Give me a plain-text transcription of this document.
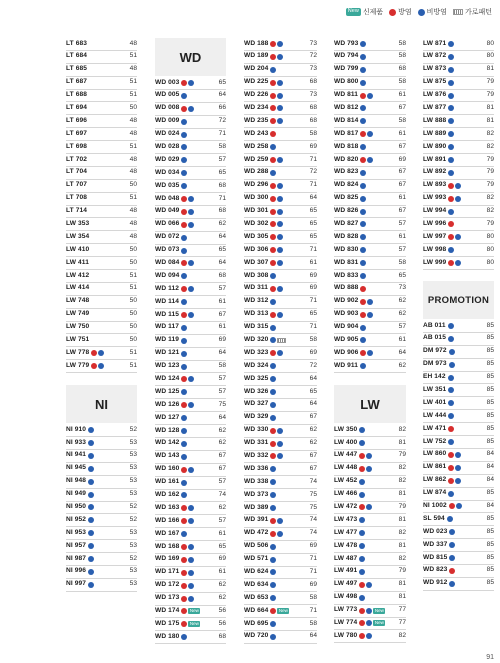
New 신제품 방염 비방염	가로패턴
LT 683	48
LT 684	51
LT 685	48
LT 687	51
LT 688	51
LT 694	50
LT 696	48
LT 697	48
LT 698	51
LT 702	48
LT 704	48
LT 707	50
LT 708	51
LT 714	48
LW 353	48
LW 354	48
LW 410	50
LW 411	50
LW 412	51
LW 414	51
LW 748	50
LW 749	50
LW 750	50
LW 751	50
LW 778	51
LW 779	51
NI
NI 910	52
NI 933	53
NI 941	53
NI 945	53
NI 948	53
NI 949	53
NI 950	52
NI 952	52
NI 953	53
NI 957	53
NI 987	52
NI 996	53
NI 997	53
WD
WD 003	65
WD 005	64
WD 008	66
WD 009	72
WD 024	71
WD 028	58
WD 029	57
WD 034	65
WD 035	68
WD 048	71
WD 049	68
WD 066	62
WD 072	64
WD 073	65
WD 084	64
WD 094	68
WD 112	57
WD 114	61
WD 115	67
WD 117	61
WD 119	69
WD 121	64
WD 123	58
WD 124	57
WD 125	57
WD 126	75
WD 127	64
WD 128	62
WD 142	62
WD 143	67
WD 160	67
WD 161	57
WD 162	74
WD 163	62
WD 166	57
WD 167	61
WD 168	65
WD 169	69
WD 171	61
WD 172	62
WD 173	62
WD 174	New	56
WD 175	New	56
WD 180	68
WD 188	73
WD 189	72
WD 204	73
WD 225	68
WD 226	73
WD 234	68
WD 235	68
WD 243	58
WD 258	69
WD 259	71
WD 288	72
WD 296	71
WD 300	64
WD 301	65
WD 302	65
WD 305	65
WD 306	71
WD 307	61
WD 308	69
WD 311	69
WD 312	71
WD 313	65
WD 315	71
WD 320	58
WD 323	69
WD 324	72
WD 325	64
WD 326	65
WD 327	64
WD 329	67
WD 330	62
WD 331	62
WD 332	67
WD 336	67
WD 338	74
WD 373	75
WD 389	75
WD 391	74
WD 472	74
WD 506	69
WD 571	71
WD 624	71
WD 634	69
WD 653	58
WD 664	New	71
WD 695	58
WD 720	64
WD 793	58
WD 794	58
WD 799	68
WD 800	58
WD 811	61
WD 812	67
WD 814	58
WD 817	61
WD 818	67
WD 820	69
WD 823	67
WD 824	67
WD 825	61
WD 826	67
WD 827	57
WD 828	61
WD 830	57
WD 831	58
WD 833	65
WD 888	73
WD 902	62
WD 903	62
WD 904	57
WD 905	61
WD 906	64
WD 911	62
LW
LW 350	82
LW 400	81
LW 447	79
LW 448	82
LW 452	82
LW 466	81
LW 472	79
LW 473	81
LW 477	82
LW 478	81
LW 487	82
LW 491	79
LW 497	81
LW 498	81
LW 773	New	77
LW 774	New	77
LW 780	82
LW 871	80
LW 872	80
LW 873	81
LW 875	79
LW 876	79
LW 877	81
LW 888	81
LW 889	82
LW 890	82
LW 891	79
LW 892	79
LW 893	79
LW 993	82
LW 994	82
LW 996	79
LW 997	80
LW 998	80
LW 999	80
PROMOTION
AB 011	85
AB 015	85
DM 972	85
DM 973	85
EH 142	85
LW 351	85
LW 401	85
LW 444	85
LW 471	85
LW 752	85
LW 860	84
LW 861	84
LW 862	84
LW 874	85
NI 1002	84
SL 594	85
WD 023	85
WD 337	85
WD 815	85
WD 823	85
WD 912	85
91
